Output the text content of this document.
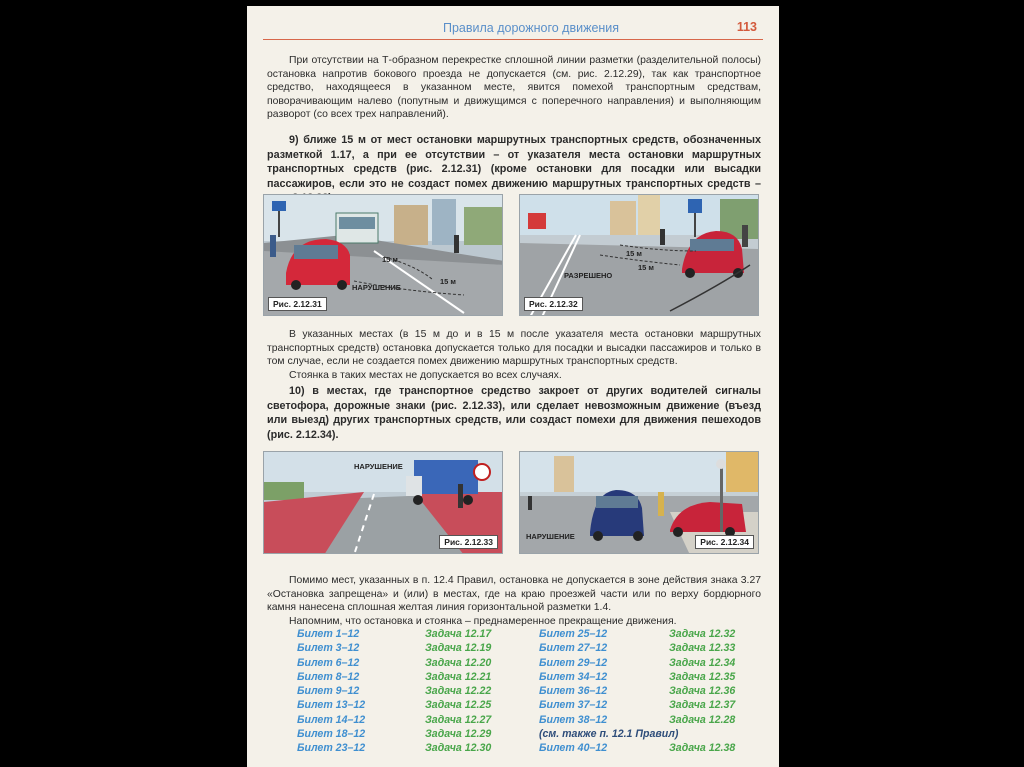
Правила дорожного движения	113

При отсутствии на Т-образном перекрестке сплошной линии разметки (разделительной полосы) остановка напротив бокового проезда не допускается (см. рис. 2.12.29), так как транспортное средство, находящееся в указанном месте, явится помехой транспортным средствам, поворачивающим налево (попутным и движущимся с поперечного направления) и выполняющим разворот (со всех трех направлений).

9) ближе 15 м от мест остановки маршрутных транспортных средств, обозначенных разметкой 1.17, а при ее отсутствии – от указателя места остановки маршрутных транспортных средств (рис. 2.12.31) (кроме остановки для посадки или высадки пассажиров, если это не создаст помех движению маршрутных транспортных средств –

15 м
15 м
НАРУШЕНИЕ
Рис. 2.12.31
15 м
15 м
РАЗРЕШЕНО
Рис. 2.12.32

В указанных местах (в 15 м до и в 15 м после указателя места остановки маршрутных транспортных средств) остановка допускается только для посадки и высадки пассажиров и только в том случае, если не создается помех движению маршрутных транспортных средств.

Стоянка в таких местах не допускается во всех случаях.

10) в местах, где транспортное средство закроет от других водителей сигналы светофора, дорожные знаки (рис. 2.12.33), или сделает невозможным движение (въезд или выезд) других транспортных средств, или создаст помехи для движения пешеходов (рис. 2.12.34).

НАРУШЕНИЕ
Рис. 2.12.33
НАРУШЕНИЕ
Рис. 2.12.34

Помимо мест, указанных в п. 12.4 Правил, остановка не допускается в зоне действия знака 3.27 «Остановка запрещена» и (или) в местах, где на краю проезжей части или по верху бордюрного камня нанесена сплошная желтая линия горизонтальной разметки 1.4.

Напомним, что остановка и стоянка – преднамеренное прекращение движения.

Билет 1–12	Задача 12.17	Билет 25–12	Задача 12.32
Билет 3–12	Задача 12.19	Билет 27–12	Задача 12.33
Билет 6–12	Задача 12.20	Билет 29–12	Задача 12.34
Билет 8–12	Задача 12.21	Билет 34–12	Задача 12.35
Билет 9–12	Задача 12.22	Билет 36–12	Задача 12.36
Билет 13–12	Задача 12.25	Билет 37–12	Задача 12.37
Билет 14–12	Задача 12.27	Билет 38–12	Задача 12.28
Билет 18–12	Задача 12.29	(см. также п. 12.1 Правил)
Билет 23–12	Задача 12.30	Билет 40–12	Задача 12.38
